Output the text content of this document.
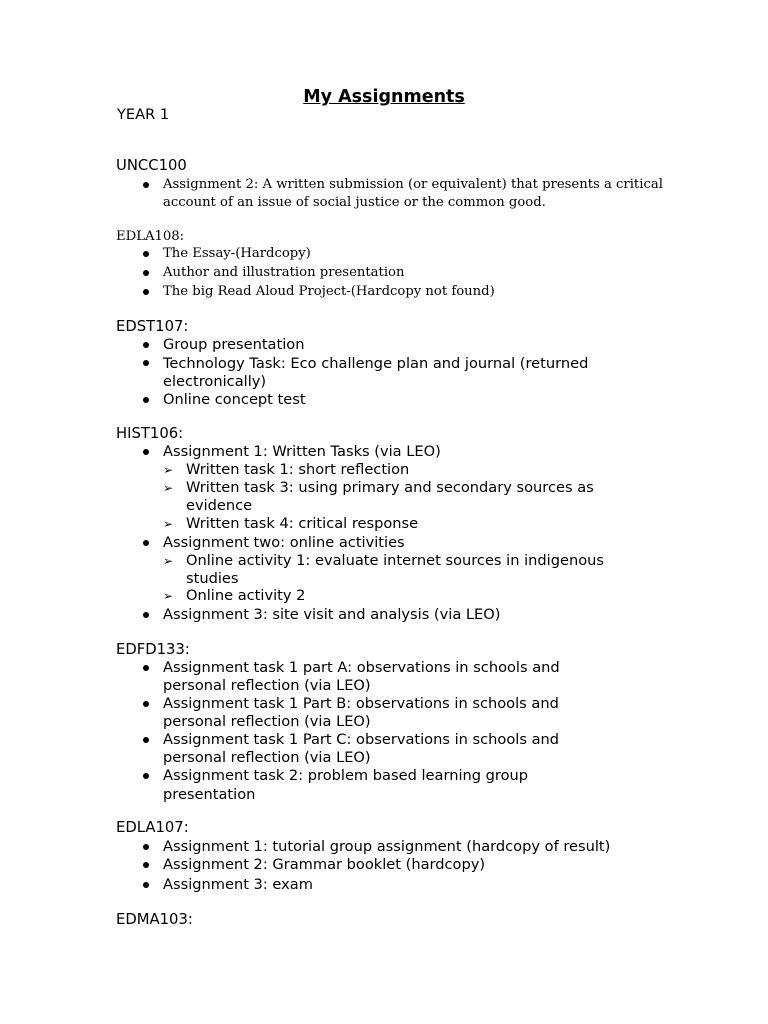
My Assignments
YEAR 1
UNCC100
Assignment 2: A written submission (or equivalent) that presents a critical
account of an issue of social justice or the common good.
EDLA108:
The Essay-(Hardcopy)
Author and illustration presentation
The big Read Aloud Project-(Hardcopy not found)
EDST107:
Group presentation
Technology Task: Eco challenge plan and journal (returned
electronically)
Online concept test
HIST106:
Assignment 1: Written Tasks (via LEO)
➢ Written task 1: short reflection
➢ Written task 3: using primary and secondary sources as
evidence
➢ Written task 4: critical response
Assignment two: online activities
➢ Online activity 1: evaluate internet sources in indigenous
studies
➢ Online activity 2
Assignment 3: site visit and analysis (via LEO)
EDFD133:
Assignment task 1 part A: observations in schools and
personal reflection (via LEO)
Assignment task 1 Part B: observations in schools and
personal reflection (via LEO)
Assignment task 1 Part C: observations in schools and
personal reflection (via LEO)
Assignment task 2: problem based learning group
presentation
EDLA107:
Assignment 1: tutorial group assignment (hardcopy of result)
Assignment 2: Grammar booklet (hardcopy)
Assignment 3: exam
EDMA103:
